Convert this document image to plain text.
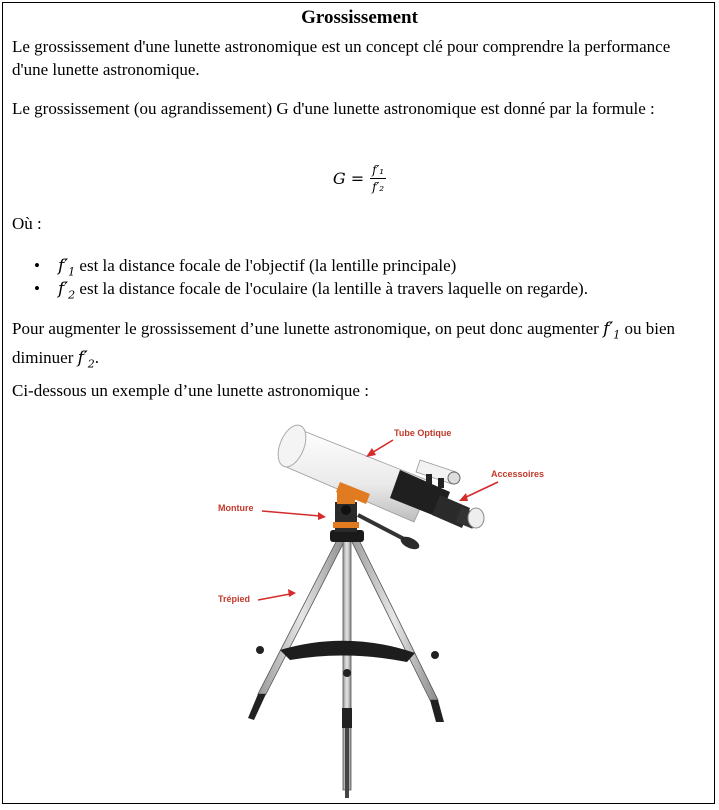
Grossissement
Le grossissement d'une lunette astronomique est un concept clé pour comprendre la performance d'une lunette astronomique.
Le grossissement (ou agrandissement) G d'une lunette astronomique est donné par la formule :
$G = \frac{\text{f′₁}}{\text{f′₂}}$
Où :
• $f'_1$ est la distance focale de l'objectif (la lentille principale)
• $f'_2$ est la distance focale de l'oculaire (la lentille à travers laquelle on regarde).
Pour augmenter le grossissement d’une lunette astronomique, on peut donc augmenter $f'_1$ ou bien diminuer $f'_2$.
Ci-dessous un exemple d’une lunette astronomique :
Tube Optique
Accessoires
Monture
Trépied
